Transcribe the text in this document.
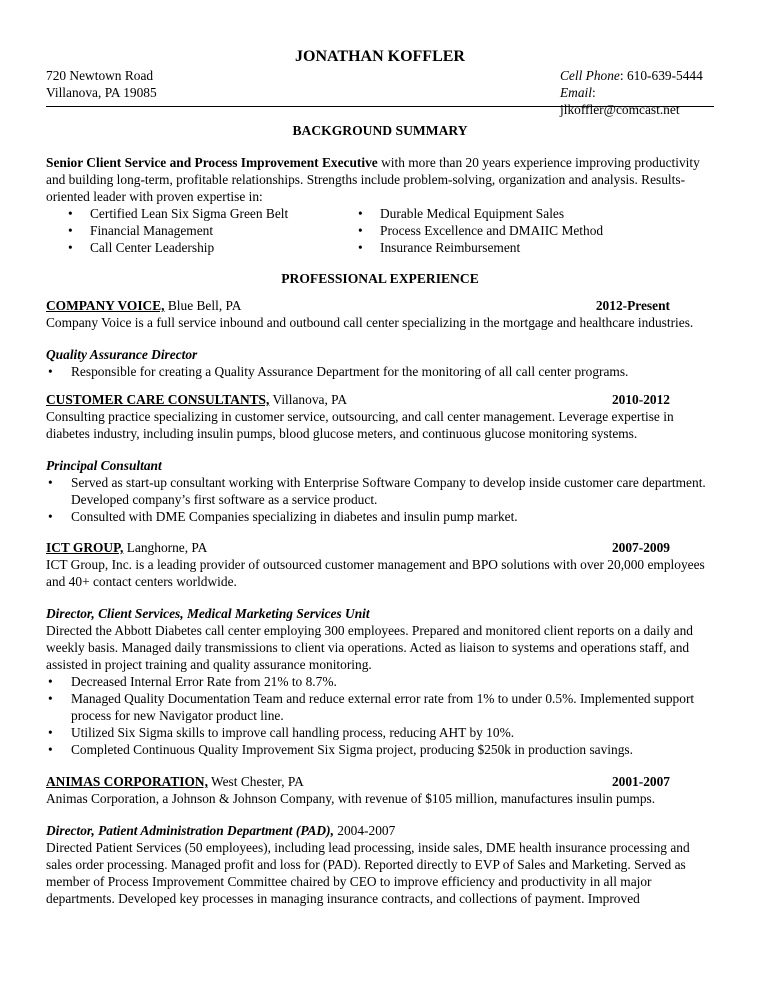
JONATHAN KOFFLER
720 Newtown Road
Villanova, PA 19085
Cell Phone: 610-639-5444
Email: jlkoffler@comcast.net
BACKGROUND SUMMARY

Senior Client Service and Process Improvement Executive with more than 20 years experience improving productivity and building long-term, profitable relationships. Strengths include problem-solving, organization and analysis. Results-oriented leader with proven expertise in:

• Certified Lean Six Sigma Green Belt
• Financial Management
• Call Center Leadership
• Durable Medical Equipment Sales
• Process Excellence and DMAIIC Method
• Insurance Reimbursement
PROFESSIONAL EXPERIENCE
COMPANY VOICE, Blue Bell, PA	2012-Present

Company Voice is a full service inbound and outbound call center specializing in the mortgage and healthcare industries.

Quality Assurance Director
• Responsible for creating a Quality Assurance Department for the monitoring of all call center programs.
CUSTOMER CARE CONSULTANTS, Villanova, PA	2010-2012

Consulting practice specializing in customer service, outsourcing, and call center management. Leverage expertise in diabetes industry, including insulin pumps, blood glucose meters, and continuous glucose monitoring systems.

Principal Consultant
• Served as start-up consultant working with Enterprise Software Company to develop inside customer care department. Developed company’s first software as a service product.
• Consulted with DME Companies specializing in diabetes and insulin pump market.
ICT GROUP, Langhorne, PA	2007-2009

ICT Group, Inc. is a leading provider of outsourced customer management and BPO solutions with over 20,000 employees and 40+ contact centers worldwide.

Director, Client Services, Medical Marketing Services Unit

Directed the Abbott Diabetes call center employing 300 employees. Prepared and monitored client reports on a daily and weekly basis. Managed daily transmissions to client via operations. Acted as liaison to systems and operations staff, and assisted in project training and quality assurance monitoring.

• Decreased Internal Error Rate from 21% to 8.7%.
• Managed Quality Documentation Team and reduce external error rate from 1% to under 0.5%. Implemented support process for new Navigator product line.
• Utilized Six Sigma skills to improve call handling process, reducing AHT by 10%.
• Completed Continuous Quality Improvement Six Sigma project, producing $250k in production savings.
ANIMAS CORPORATION, West Chester, PA	2001-2007

Animas Corporation, a Johnson & Johnson Company, with revenue of $105 million, manufactures insulin pumps.

Director, Patient Administration Department (PAD), 2004-2007

Directed Patient Services (50 employees), including lead processing, inside sales, DME health insurance processing and sales order processing. Managed profit and loss for (PAD). Reported directly to EVP of Sales and Marketing. Served as member of Process Improvement Committee chaired by CEO to improve efficiency and productivity in all major departments. Developed key processes in managing insurance contracts, and collections of payment. Improved
